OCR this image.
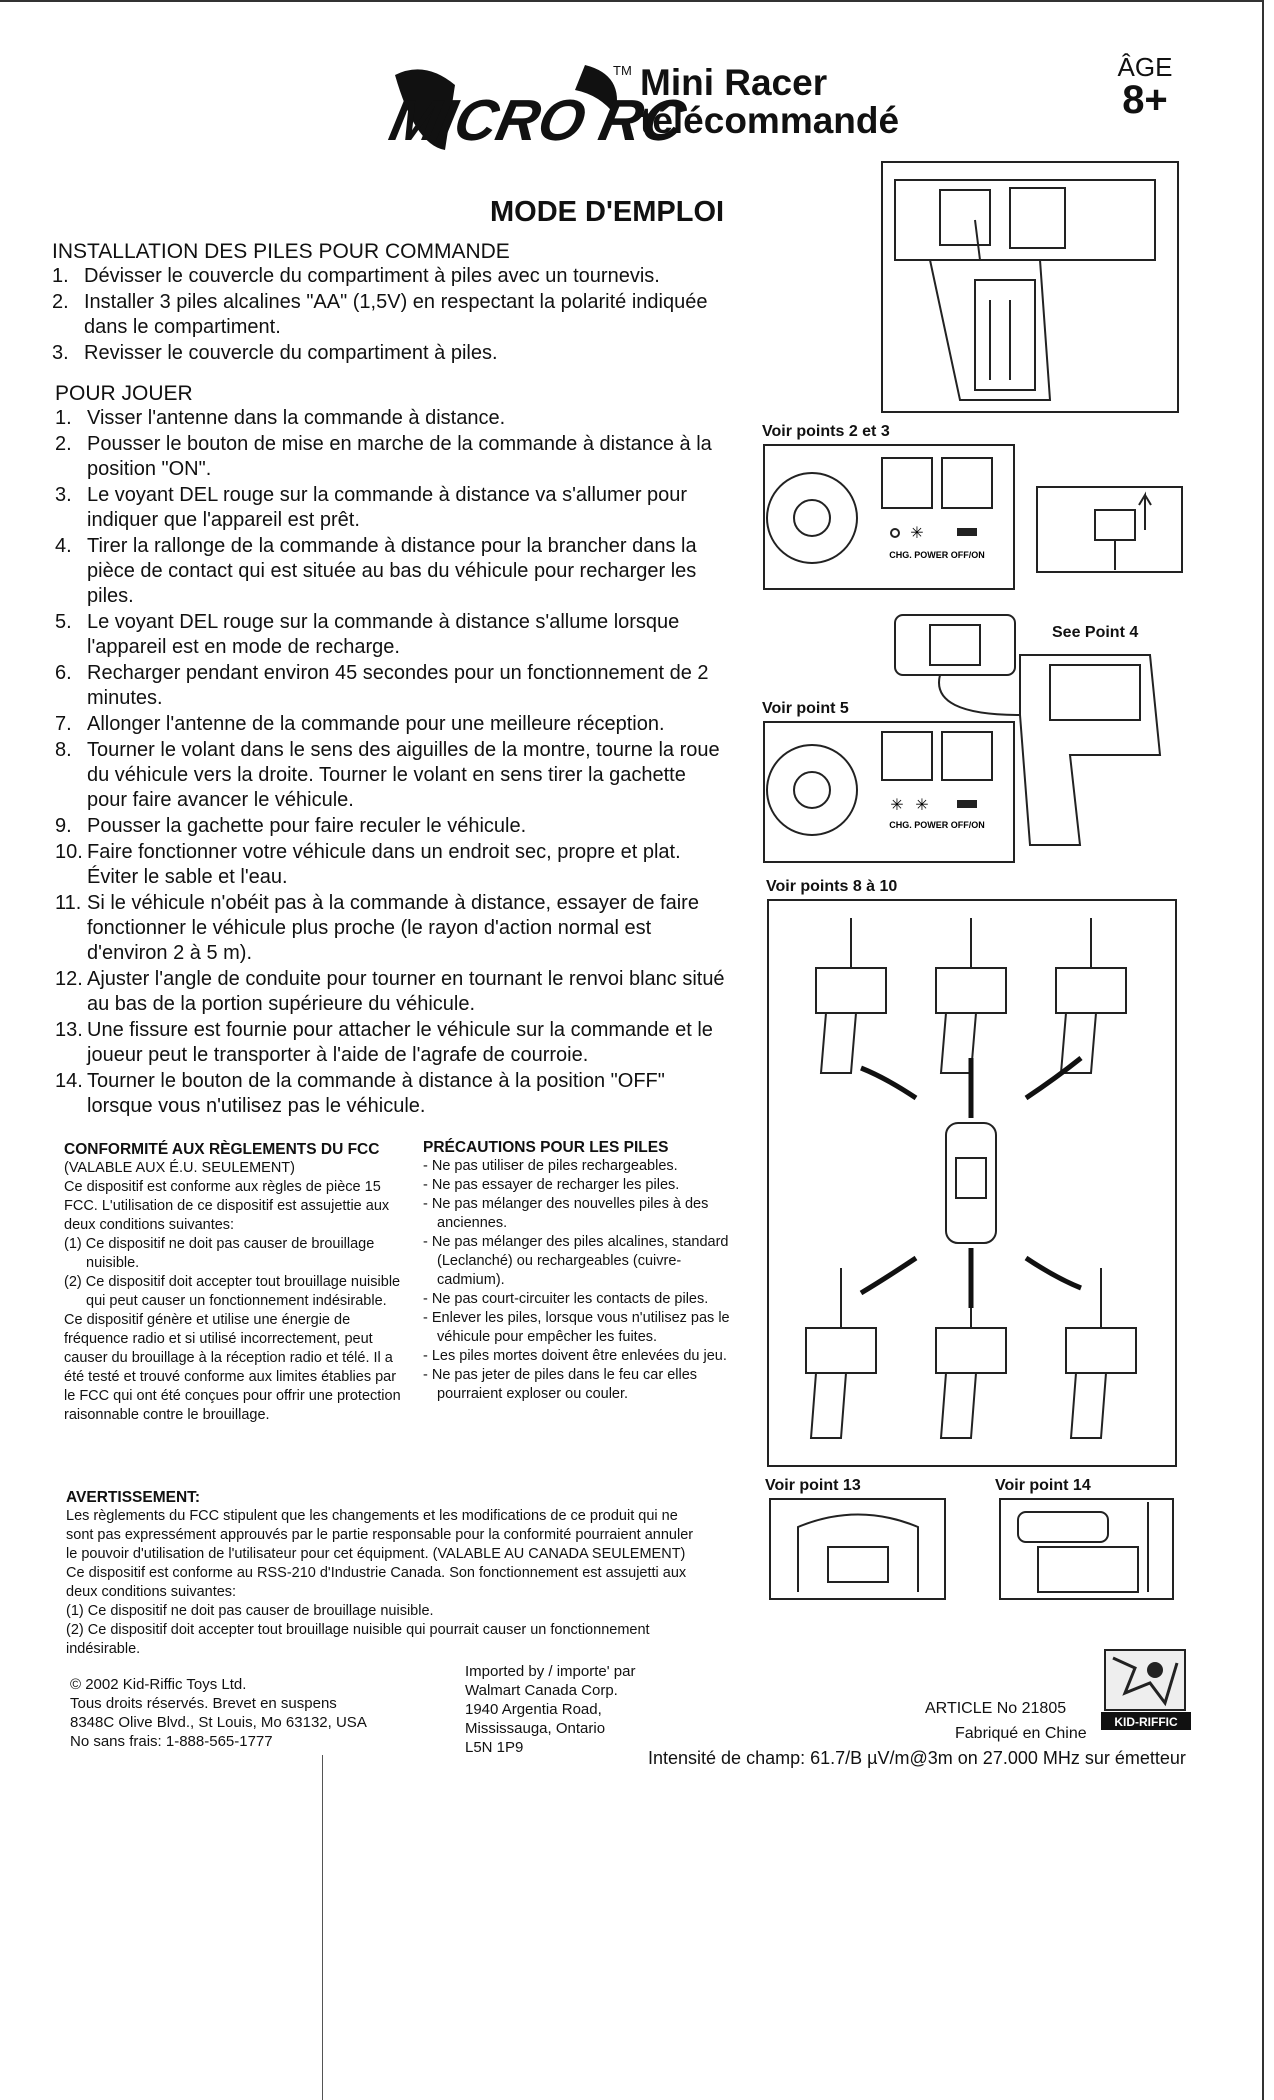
MICRO RC
TM Mini Racer
télécommandé
ÂGE
8+
MODE D'EMPLOI
INSTALLATION DES PILES POUR COMMANDE
1. Dévisser le couvercle du compartiment à piles avec un tournevis.
2. Installer 3 piles alcalines "AA" (1,5V) en respectant la polarité indiquée dans le compartiment.
3. Revisser le couvercle du compartiment à piles.
POUR JOUER
1. Visser l'antenne dans la commande à distance.
2. Pousser le bouton de mise en marche de la commande à distance à la position "ON".
3. Le voyant DEL rouge sur la commande à distance va s'allumer pour indiquer que l'appareil est prêt.
4. Tirer la rallonge de la commande à distance pour la brancher dans la pièce de contact qui est située au bas du véhicule pour recharger les piles.
5. Le voyant DEL rouge sur la commande à distance s'allume lorsque l'appareil est en mode de recharge.
6. Recharger pendant environ 45 secondes pour un fonctionnement de 2 minutes.
7. Allonger l'antenne de la commande pour une meilleure réception.
8. Tourner le volant dans le sens des aiguilles de la montre, tourne la roue du véhicule vers la droite. Tourner le volant en sens tirer la gachette pour faire avancer le véhicule.
9. Pousser la gachette pour faire reculer le véhicule.
10. Faire fonctionner votre véhicule dans un endroit sec, propre et plat. Éviter le sable et l'eau.
11. Si le véhicule n'obéit pas à la commande à distance, essayer de faire fonctionner le véhicule plus proche (le rayon d'action normal est d'environ 2 à 5 m).
12. Ajuster l'angle de conduite pour tourner en tournant le renvoi blanc situé au bas de la portion supérieure du véhicule.
13. Une fissure est fournie pour attacher le véhicule sur la commande et le joueur peut le transporter à l'aide de l'agrafe de courroie.
14. Tourner le bouton de la commande à distance à la position "OFF" lorsque vous n'utilisez pas le véhicule.
CONFORMITÉ AUX RÈGLEMENTS DU FCC
(VALABLE AUX É.U. SEULEMENT)
Ce dispositif est conforme aux règles de pièce 15 FCC. L'utilisation de ce dispositif est assujettie aux deux conditions suivantes:
(1) Ce dispositif ne doit pas causer de brouillage nuisible.
(2) Ce dispositif doit accepter tout brouillage nuisible qui peut causer un fonctionnement indésirable.
Ce dispositif génère et utilise une énergie de fréquence radio et si utilisé incorrectement, peut causer du brouillage à la réception radio et télé. Il a été testé et trouvé conforme aux limites établies par le FCC qui ont été conçues pour offrir une protection raisonnable contre le brouillage.
PRÉCAUTIONS POUR LES PILES
- Ne pas utiliser de piles rechargeables.
- Ne pas essayer de recharger les piles.
- Ne pas mélanger des nouvelles piles à des anciennes.
- Ne pas mélanger des piles alcalines, standard (Leclanché) ou rechargeables (cuivre-cadmium).
- Ne pas court-circuiter les contacts de piles.
- Enlever les piles, lorsque vous n'utilisez pas le véhicule pour empêcher les fuites.
- Les piles mortes doivent être enlevées du jeu.
- Ne pas jeter de piles dans le feu car elles pourraient exploser ou couler.
AVERTISSEMENT:
Les règlements du FCC stipulent que les changements et les modifications de ce produit qui ne sont pas expressément approuvés par le partie responsable pour la conformité pourraient annuler le pouvoir d'utilisation de l'utilisateur pour cet équipment. (VALABLE AU CANADA SEULEMENT) Ce dispositif est conforme au RSS-210 d'Industrie Canada. Son fonctionnement est assujetti aux deux conditions suivantes:
(1) Ce dispositif ne doit pas causer de brouillage nuisible.
(2) Ce dispositif doit accepter tout brouillage nuisible qui pourrait causer un fonctionnement indésirable.
© 2002 Kid-Riffic Toys Ltd.
Tous droits réservés. Brevet en suspens
8348C Olive Blvd., St Louis, Mo 63132, USA
No sans frais: 1-888-565-1777
Imported by / importe' par
Walmart Canada Corp.
1940 Argentia Road,
Mississauga, Ontario
L5N 1P9
ARTICLE No 21805
Fabriqué en Chine
Intensité de champ: 61.7/B µV/m@3m on 27.000 MHz sur émetteur
KID-RIFFIC
Voir points 2 et 3
✳
CHG. POWER OFF/ON
See Point 4
Voir point 5
✳ ✳
CHG. POWER OFF/ON
Voir points 8 à 10
Voir point 13	Voir point 14
